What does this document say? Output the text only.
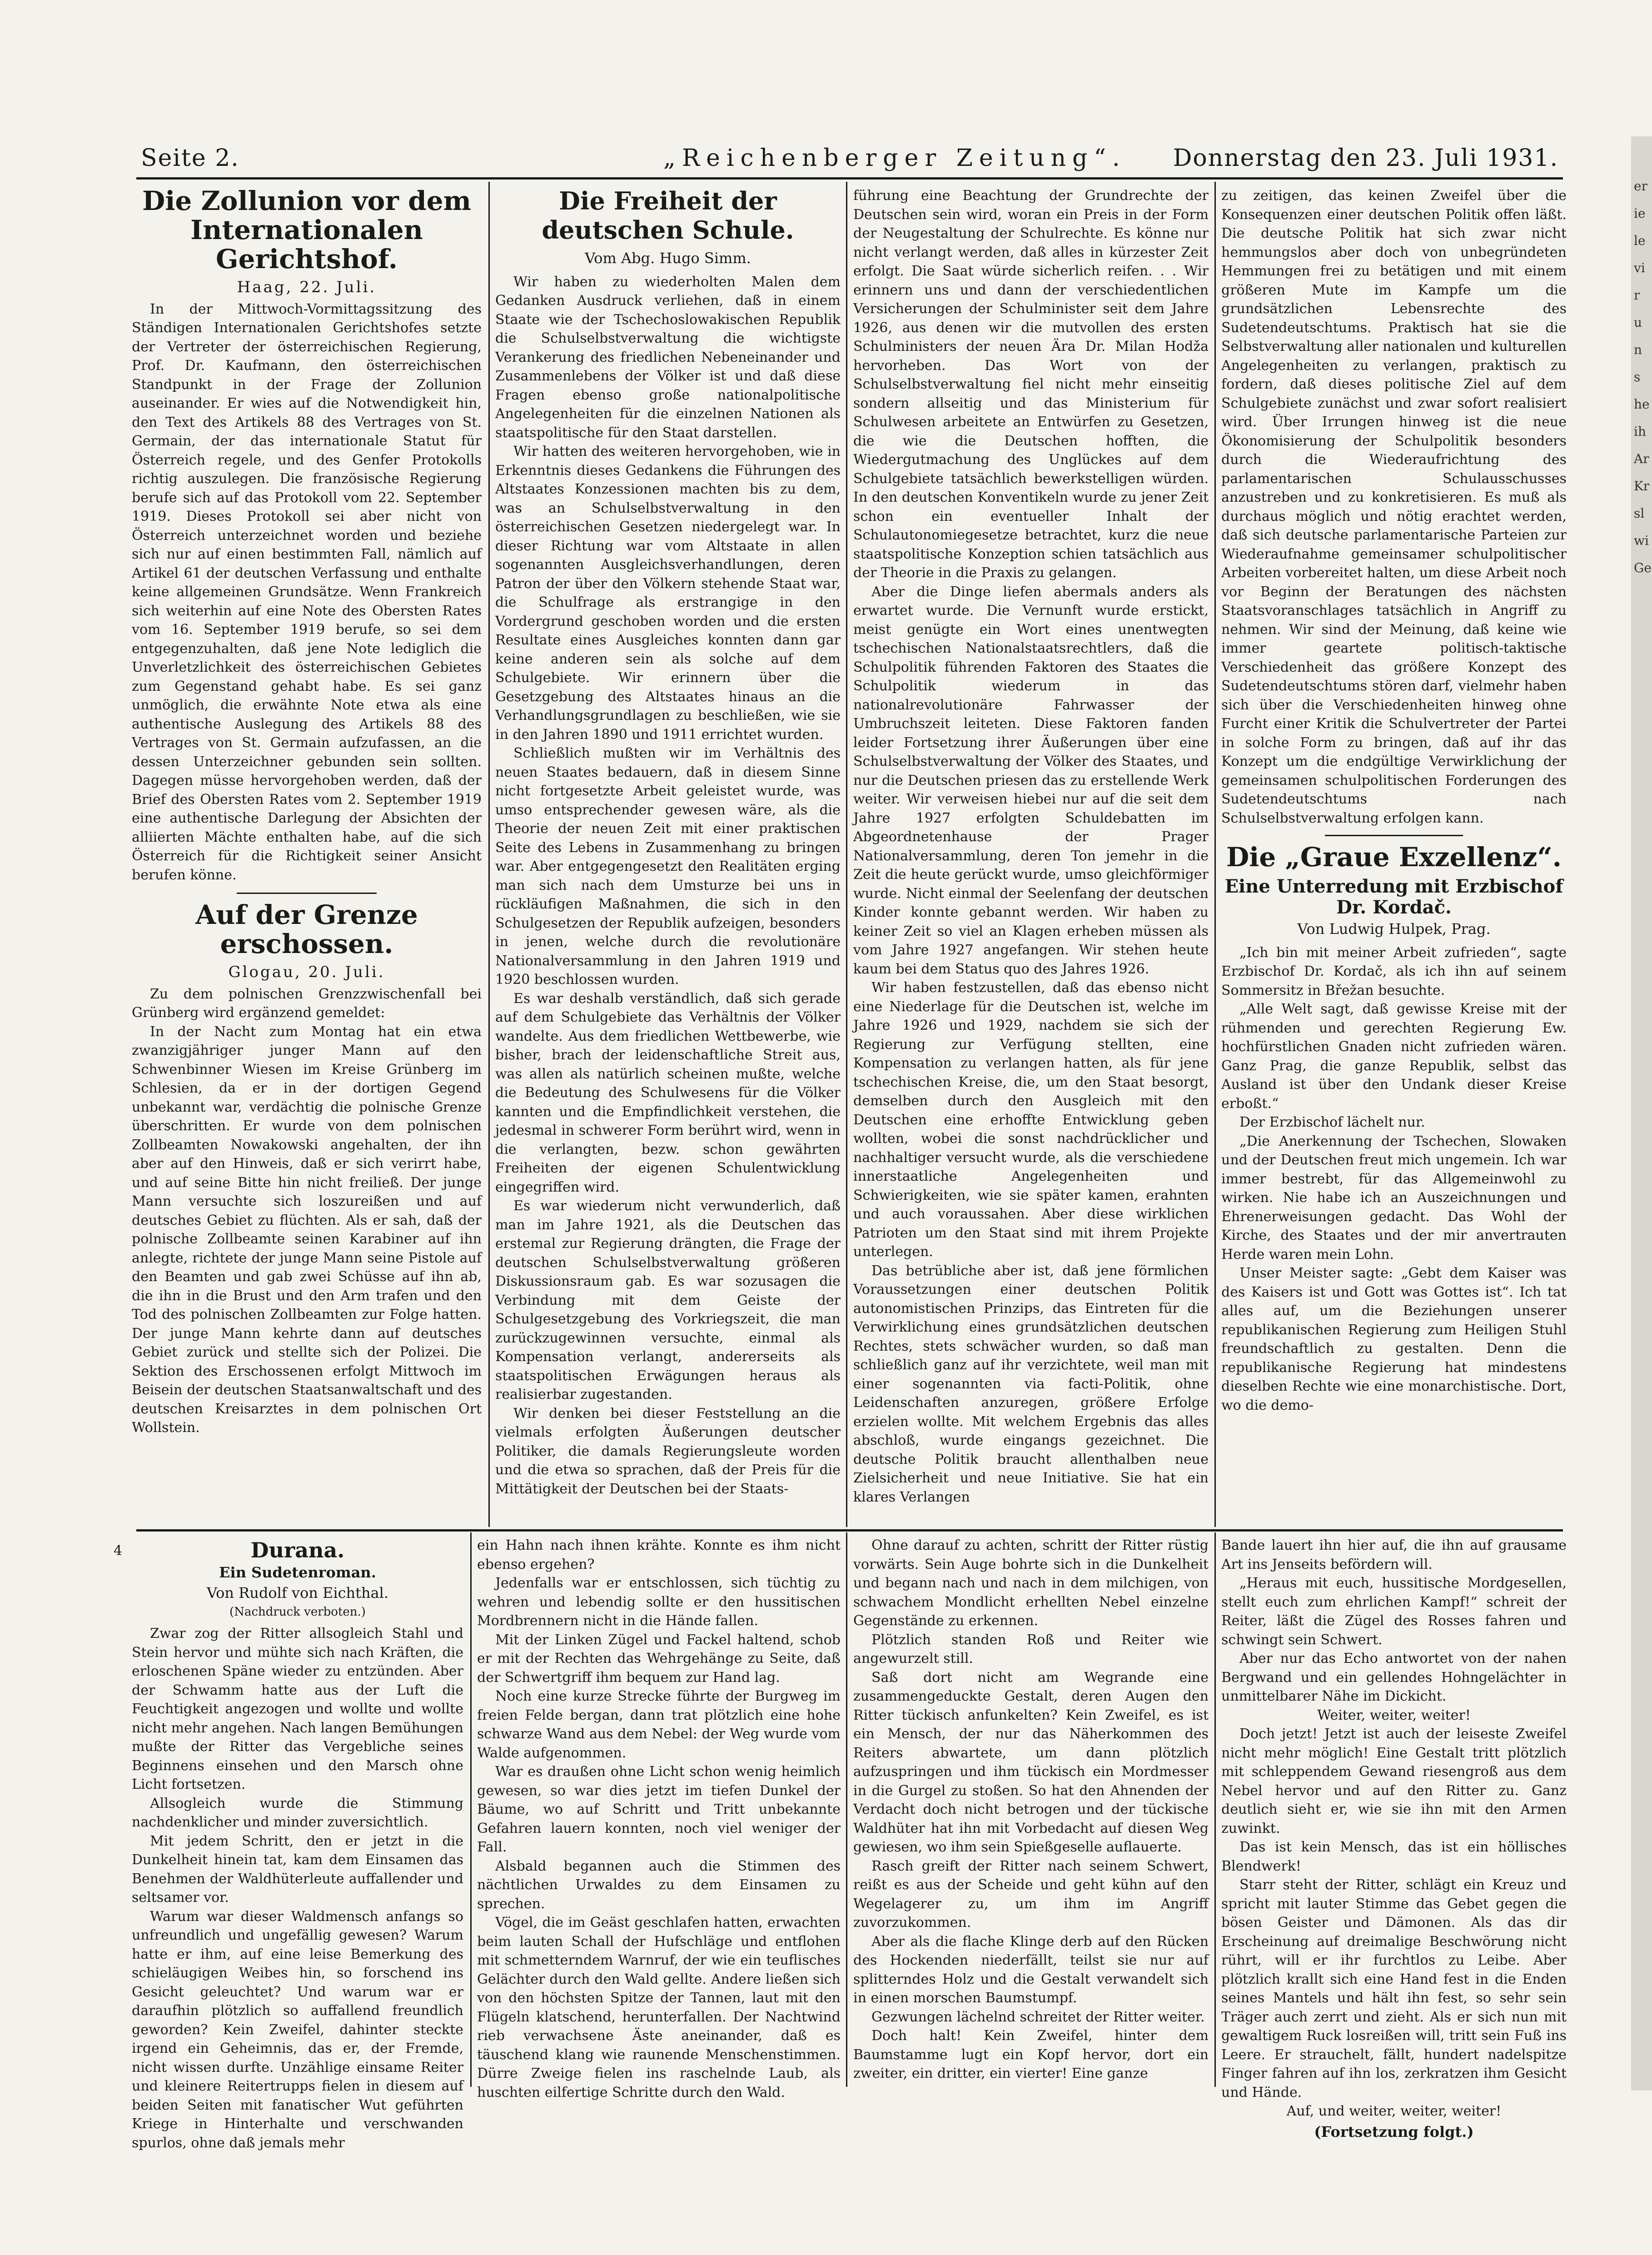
Seite 2.	„Reichenberger Zeitung“. Donnerstag den 23. Juli 1931.
Die Zollunion vor dem Internationalen Gerichtshof.
Haag, 22. Juli.

In der Mittwoch-Vormittagssitzung des Ständigen Internationalen Gerichtshofes setzte der Vertreter der österreichischen Regierung, Prof. Dr. Kaufmann, den österreichischen Standpunkt in der Frage der Zollunion auseinander. Er wies auf die Notwendigkeit hin, den Text des Artikels 88 des Vertrages von St. Germain, der das internationale Statut für Österreich regele, und des Genfer Protokolls richtig auszulegen. Die französische Regierung berufe sich auf das Protokoll vom 22. September 1919. Dieses Protokoll sei aber nicht von Österreich unterzeichnet worden und beziehe sich nur auf einen bestimmten Fall, nämlich auf Artikel 61 der deutschen Verfassung und enthalte keine allgemeinen Grundsätze. Wenn Frankreich sich weiterhin auf eine Note des Obersten Rates vom 16. September 1919 berufe, so sei dem entgegenzuhalten, daß jene Note lediglich die Unverletzlichkeit des österreichischen Gebietes zum Gegenstand gehabt habe. Es sei ganz unmöglich, die erwähnte Note etwa als eine authentische Auslegung des Artikels 88 des Vertrages von St. Germain aufzufassen, an die dessen Unterzeichner gebunden sein sollten. Dagegen müsse hervorgehoben werden, daß der Brief des Obersten Rates vom 2. September 1919 eine authentische Darlegung der Absichten der alliierten Mächte enthalten habe, auf die sich Österreich für die Richtigkeit seiner Ansicht berufen könne.

Auf der Grenze erschossen.
Glogau, 20. Juli.

Zu dem polnischen Grenzzwischenfall bei Grünberg wird ergänzend gemeldet:

In der Nacht zum Montag hat ein etwa zwanzigjähriger junger Mann auf den Schwenbinner Wiesen im Kreise Grünberg im Schlesien, da er in der dortigen Gegend unbekannt war, verdächtig die polnische Grenze überschritten. Er wurde von dem polnischen Zollbeamten Nowakowski angehalten, der ihn aber auf den Hinweis, daß er sich verirrt habe, und auf seine Bitte hin nicht freiließ. Der junge Mann versuchte sich loszureißen und auf deutsches Gebiet zu flüchten. Als er sah, daß der polnische Zollbeamte seinen Karabiner auf ihn anlegte, richtete der junge Mann seine Pistole auf den Beamten und gab zwei Schüsse auf ihn ab, die ihn in die Brust und den Arm trafen und den Tod des polnischen Zollbeamten zur Folge hatten. Der junge Mann kehrte dann auf deutsches Gebiet zurück und stellte sich der Polizei. Die Sektion des Erschossenen erfolgt Mittwoch im Beisein der deutschen Staatsanwaltschaft und des deutschen Kreisarztes in dem polnischen Ort Wollstein.

Die Freiheit der deutschen Schule.
Vom Abg. Hugo Simm.

Wir haben zu wiederholten Malen dem Gedanken Ausdruck verliehen, daß in einem Staate wie der Tschechoslowakischen Republik die Schulselbstverwaltung die wichtigste Verankerung des friedlichen Nebeneinander und Zusammenlebens der Völker ist und daß diese Fragen ebenso große nationalpolitische Angelegenheiten für die einzelnen Nationen als staatspolitische für den Staat darstellen.

Wir hatten des weiteren hervorgehoben, wie in Erkenntnis dieses Gedankens die Führungen des Altstaates Konzessionen machten bis zu dem, was an Schulselbstverwaltung in den österreichischen Gesetzen niedergelegt war. In dieser Richtung war vom Altstaate in allen sogenannten Ausgleichsverhandlungen, deren Patron der über den Völkern stehende Staat war, die Schulfrage als erstrangige in den Vordergrund geschoben worden und die ersten Resultate eines Ausgleiches konnten dann gar keine anderen sein als solche auf dem Schulgebiete. Wir erinnern über die Gesetzgebung des Altstaates hinaus an die Verhandlungsgrundlagen zu beschließen, wie sie in den Jahren 1890 und 1911 errichtet wurden.

Schließlich mußten wir im Verhältnis des neuen Staates bedauern, daß in diesem Sinne nicht fortgesetzte Arbeit geleistet wurde, was umso entsprechender gewesen wäre, als die Theorie der neuen Zeit mit einer praktischen Seite des Lebens in Zusammenhang zu bringen war. Aber entgegengesetzt den Realitäten erging man sich nach dem Umsturze bei uns in rückläufigen Maßnahmen, die sich in den Schulgesetzen der Republik aufzeigen, besonders in jenen, welche durch die revolutionäre Nationalversammlung in den Jahren 1919 und 1920 beschlossen wurden.

Es war deshalb verständlich, daß sich gerade auf dem Schulgebiete das Verhältnis der Völker wandelte. Aus dem friedlichen Wettbewerbe, wie bisher, brach der leidenschaftliche Streit aus, was allen als natürlich scheinen mußte, welche die Bedeutung des Schulwesens für die Völker kannten und die Empfindlichkeit verstehen, die jedesmal in schwerer Form berührt wird, wenn in die verlangten, bezw. schon gewährten Freiheiten der eigenen Schulentwicklung eingegriffen wird.

Es war wiederum nicht verwunderlich, daß man im Jahre 1921, als die Deutschen das erstemal zur Regierung drängten, die Frage der deutschen Schulselbstverwaltung größeren Diskussionsraum gab. Es war sozusagen die Verbindung mit dem Geiste der Schulgesetzgebung des Vorkriegszeit, die man zurückzugewinnen versuchte, einmal als Kompensation verlangt, andererseits als staatspolitischen Erwägungen heraus als realisierbar zugestanden.

Wir denken bei dieser Feststellung an die vielmals erfolgten Äußerungen deutscher Politiker, die damals Regierungsleute worden und die etwa so sprachen, daß der Preis für die Mittätigkeit der Deutschen bei der Staats-

führung eine Beachtung der Grundrechte der Deutschen sein wird, woran ein Preis in der Form der Neugestaltung der Schulrechte. Es könne nur nicht verlangt werden, daß alles in kürzester Zeit erfolgt. Die Saat würde sicherlich reifen. . . Wir erinnern uns und dann der verschiedentlichen Versicherungen der Schulminister seit dem Jahre 1926, aus denen wir die mutvollen des ersten Schulministers der neuen Ära Dr. Milan Hodža hervorheben. Das Wort von der Schulselbstverwaltung fiel nicht mehr einseitig sondern allseitig und das Ministerium für Schulwesen arbeitete an Entwürfen zu Gesetzen, die wie die Deutschen hofften, die Wiedergutmachung des Unglückes auf dem Schulgebiete tatsächlich bewerkstelligen würden. In den deutschen Konventikeln wurde zu jener Zeit schon ein eventueller Inhalt der Schulautonomiegesetze betrachtet, kurz die neue staatspolitische Konzeption schien tatsächlich aus der Theorie in die Praxis zu gelangen.

Aber die Dinge liefen abermals anders als erwartet wurde. Die Vernunft wurde erstickt, meist genügte ein Wort eines unentwegten tschechischen Nationalstaatsrechtlers, daß die Schulpolitik führenden Faktoren des Staates die Schulpolitik wiederum in das nationalrevolutionäre Fahrwasser der Umbruchszeit leiteten. Diese Faktoren fanden leider Fortsetzung ihrer Äußerungen über eine Schulselbstverwaltung der Völker des Staates, und nur die Deutschen priesen das zu erstellende Werk weiter. Wir verweisen hiebei nur auf die seit dem Jahre 1927 erfolgten Schuldebatten im Abgeordnetenhause der Prager Nationalversammlung, deren Ton jemehr in die Zeit die heute gerückt wurde, umso gleichförmiger wurde. Nicht einmal der Seelenfang der deutschen Kinder konnte gebannt werden. Wir haben zu keiner Zeit so viel an Klagen erheben müssen als vom Jahre 1927 angefangen. Wir stehen heute kaum bei dem Status quo des Jahres 1926.

Wir haben festzustellen, daß das ebenso nicht eine Niederlage für die Deutschen ist, welche im Jahre 1926 und 1929, nachdem sie sich der Regierung zur Verfügung stellten, eine Kompensation zu verlangen hatten, als für jene tschechischen Kreise, die, um den Staat besorgt, demselben durch den Ausgleich mit den Deutschen eine erhoffte Entwicklung geben wollten, wobei die sonst nachdrücklicher und nachhaltiger versucht wurde, als die verschiedene innerstaatliche Angelegenheiten und Schwierigkeiten, wie sie später kamen, erahnten und auch voraussahen. Aber diese wirklichen Patrioten um den Staat sind mit ihrem Projekte unterlegen.

Das betrübliche aber ist, daß jene förmlichen Voraussetzungen einer deutschen Politik autonomistischen Prinzips, das Eintreten für die Verwirklichung eines grundsätzlichen deutschen Rechtes, stets schwächer wurden, so daß man schließlich ganz auf ihr verzichtete, weil man mit einer sogenannten via facti-Politik, ohne Leidenschaften anzuregen, größere Erfolge erzielen wollte. Mit welchem Ergebnis das alles abschloß, wurde eingangs gezeichnet. Die deutsche Politik braucht allenthalben neue Zielsicherheit und neue Initiative. Sie hat ein klares Verlangen

zu zeitigen, das keinen Zweifel über die Konsequenzen einer deutschen Politik offen läßt. Die deutsche Politik hat sich zwar nicht hemmungslos aber doch von unbegründeten Hemmungen frei zu betätigen und mit einem größeren Mute im Kampfe um die grundsätzlichen Lebensrechte des Sudetendeutschtums. Praktisch hat sie die Selbstverwaltung aller nationalen und kulturellen Angelegenheiten zu verlangen, praktisch zu fordern, daß dieses politische Ziel auf dem Schulgebiete zunächst und zwar sofort realisiert wird. Über Irrungen hinweg ist die neue Ökonomisierung der Schulpolitik besonders durch die Wiederaufrichtung des parlamentarischen Schulausschusses anzustreben und zu konkretisieren. Es muß als durchaus möglich und nötig erachtet werden, daß sich deutsche parlamentarische Parteien zur Wiederaufnahme gemeinsamer schulpolitischer Arbeiten vorbereitet halten, um diese Arbeit noch vor Beginn der Beratungen des nächsten Staatsvoranschlages tatsächlich in Angriff zu nehmen. Wir sind der Meinung, daß keine wie immer geartete politisch-taktische Verschiedenheit das größere Konzept des Sudetendeutschtums stören darf, vielmehr haben sich über die Verschiedenheiten hinweg ohne Furcht einer Kritik die Schulvertreter der Partei in solche Form zu bringen, daß auf ihr das Konzept um die endgültige Verwirklichung der gemeinsamen schulpolitischen Forderungen des Sudetendeutschtums nach Schulselbstverwaltung erfolgen kann.

Die „Graue Exzellenz“.
Eine Unterredung mit Erzbischof Dr. Kordač.
Von Ludwig Hulpek, Prag.

„Ich bin mit meiner Arbeit zufrieden“, sagte Erzbischof Dr. Kordač, als ich ihn auf seinem Sommersitz in Břežan besuchte.

„Alle Welt sagt, daß gewisse Kreise mit der rühmenden und gerechten Regierung Ew. hochfürstlichen Gnaden nicht zufrieden wären. Ganz Prag, die ganze Republik, selbst das Ausland ist über den Undank dieser Kreise erboßt.“

Der Erzbischof lächelt nur.

„Die Anerkennung der Tschechen, Slowaken und der Deutschen freut mich ungemein. Ich war immer bestrebt, für das Allgemeinwohl zu wirken. Nie habe ich an Auszeichnungen und Ehrenerweisungen gedacht. Das Wohl der Kirche, des Staates und der mir anvertrauten Herde waren mein Lohn.

Unser Meister sagte: „Gebt dem Kaiser was des Kaisers ist und Gott was Gottes ist“. Ich tat alles auf, um die Beziehungen unserer republikanischen Regierung zum Heiligen Stuhl freundschaftlich zu gestalten. Denn die republikanische Regierung hat mindestens dieselben Rechte wie eine monarchistische. Dort, wo die demo-

4	Durana.
Ein Sudetenroman.
Von Rudolf von Eichthal.
(Nachdruck verboten.)

Zwar zog der Ritter allsogleich Stahl und Stein hervor und mühte sich nach Kräften, die erloschenen Späne wieder zu entzünden. Aber der Schwamm hatte aus der Luft die Feuchtigkeit angezogen und wollte und wollte nicht mehr angehen. Nach langen Bemühungen mußte der Ritter das Vergebliche seines Beginnens einsehen und den Marsch ohne Licht fortsetzen.

Allsogleich wurde die Stimmung nachdenklicher und minder zuversichtlich.

Mit jedem Schritt, den er jetzt in die Dunkelheit hinein tat, kam dem Einsamen das Benehmen der Waldhüterleute auffallender und seltsamer vor.

Warum war dieser Waldmensch anfangs so unfreundlich und ungefällig gewesen? Warum hatte er ihm, auf eine leise Bemerkung des schieläugigen Weibes hin, so forschend ins Gesicht geleuchtet? Und warum war er daraufhin plötzlich so auffallend freundlich geworden? Kein Zweifel, dahinter steckte irgend ein Geheimnis, das er, der Fremde, nicht wissen durfte. Unzählige einsame Reiter und kleinere Reitertrupps fielen in diesem auf beiden Seiten mit fanatischer Wut geführten Kriege in Hinterhalte und verschwanden spurlos, ohne daß jemals mehr

ein Hahn nach ihnen krähte. Konnte es ihm nicht ebenso ergehen?

Jedenfalls war er entschlossen, sich tüchtig zu wehren und lebendig sollte er den hussitischen Mordbrennern nicht in die Hände fallen.

Mit der Linken Zügel und Fackel haltend, schob er mit der Rechten das Wehrgehänge zu Seite, daß der Schwertgriff ihm bequem zur Hand lag.

Noch eine kurze Strecke führte der Burgweg im freien Felde bergan, dann trat plötzlich eine hohe schwarze Wand aus dem Nebel: der Weg wurde vom Walde aufgenommen.

War es draußen ohne Licht schon wenig heimlich gewesen, so war dies jetzt im tiefen Dunkel der Bäume, wo auf Schritt und Tritt unbekannte Gefahren lauern konnten, noch viel weniger der Fall.

Alsbald begannen auch die Stimmen des nächtlichen Urwaldes zu dem Einsamen zu sprechen.

Vögel, die im Geäst geschlafen hatten, erwachten beim lauten Schall der Hufschläge und entflohen mit schmetterndem Warnruf, der wie ein teuflisches Gelächter durch den Wald gellte. Andere ließen sich von den höchsten Spitze der Tannen, laut mit den Flügeln klatschend, herunterfallen. Der Nachtwind rieb verwachsene Äste aneinander, daß es täuschend klang wie raunende Menschenstimmen. Dürre Zweige fielen ins raschelnde Laub, als huschten eilfertige Schritte durch den Wald.

Ohne darauf zu achten, schritt der Ritter rüstig vorwärts. Sein Auge bohrte sich in die Dunkelheit und begann nach und nach in dem milchigen, von schwachem Mondlicht erhellten Nebel einzelne Gegenstände zu erkennen.

Plötzlich standen Roß und Reiter wie angewurzelt still.

Saß dort nicht am Wegrande eine zusammengeduckte Gestalt, deren Augen den Ritter tückisch anfunkelten? Kein Zweifel, es ist ein Mensch, der nur das Näherkommen des Reiters abwartete, um dann plötzlich aufzuspringen und ihm tückisch ein Mordmesser in die Gurgel zu stoßen. So hat den Ahnenden der Verdacht doch nicht betrogen und der tückische Waldhüter hat ihn mit Vorbedacht auf diesen Weg gewiesen, wo ihm sein Spießgeselle auflauerte.

Rasch greift der Ritter nach seinem Schwert, reißt es aus der Scheide und geht kühn auf den Wegelagerer zu, um ihm im Angriff zuvorzukommen.

Aber als die flache Klinge derb auf den Rücken des Hockenden niederfällt, teilst sie nur auf splitterndes Holz und die Gestalt verwandelt sich in einen morschen Baumstumpf.

Gezwungen lächelnd schreitet der Ritter weiter.

Doch halt! Kein Zweifel, hinter dem Baumstamme lugt ein Kopf hervor, dort ein zweiter, ein dritter, ein vierter! Eine ganze

Bande lauert ihn hier auf, die ihn auf grausame Art ins Jenseits befördern will.

„Heraus mit euch, hussitische Mordgesellen, stellt euch zum ehrlichen Kampf!“ schreit der Reiter, läßt die Zügel des Rosses fahren und schwingt sein Schwert.

Aber nur das Echo antwortet von der nahen Bergwand und ein gellendes Hohngelächter in unmittelbarer Nähe im Dickicht.

Weiter, weiter, weiter!

Doch jetzt! Jetzt ist auch der leiseste Zweifel nicht mehr möglich! Eine Gestalt tritt plötzlich mit schleppendem Gewand riesengroß aus dem Nebel hervor und auf den Ritter zu. Ganz deutlich sieht er, wie sie ihn mit den Armen zuwinkt.

Das ist kein Mensch, das ist ein höllisches Blendwerk!

Starr steht der Ritter, schlägt ein Kreuz und spricht mit lauter Stimme das Gebet gegen die bösen Geister und Dämonen. Als das dir Erscheinung auf dreimalige Beschwörung nicht rührt, will er ihr furchtlos zu Leibe. Aber plötzlich krallt sich eine Hand fest in die Enden seines Mantels und hält ihn fest, so sehr sein Träger auch zerrt und zieht. Als er sich nun mit gewaltigem Ruck losreißen will, tritt sein Fuß ins Leere. Er strauchelt, fällt, hundert nadelspitze Finger fahren auf ihn los, zerkratzen ihm Gesicht und Hände.

Auf, und weiter, weiter, weiter!

(Fortsetzung folgt.)
er
ie
le
vi
r
u
n
s
he
ih
Ar
Kr
sl
wi
Ge
